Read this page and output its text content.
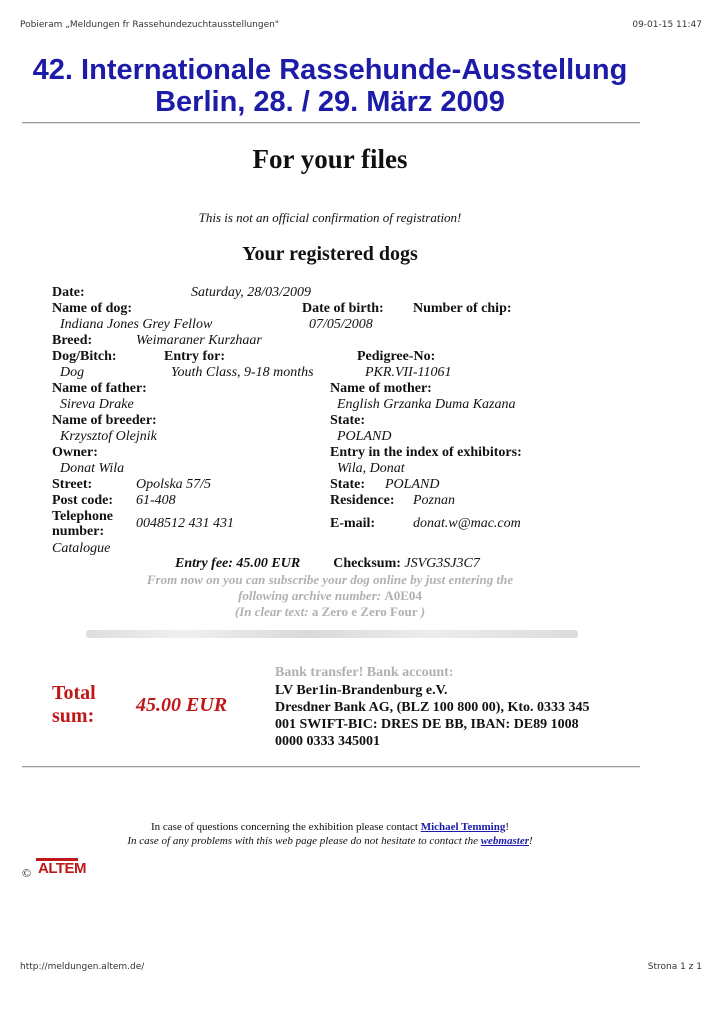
Pobieram „Meldungen fr Rassehundezuchtausstellungen"	09-01-15 11:47
42. Internationale Rassehunde-Ausstellung
Berlin, 28. / 29. März 2009
For your files
This is not an official confirmation of registration!
Your registered dogs
Date:	Saturday, 28/03/2009
Name of dog:	Date of birth: Number of chip:
Indiana Jones Grey Fellow	07/05/2008
Breed:	Weimaraner Kurzhaar
Dog/Bitch:	Entry for:	Pedigree-No:
Dog	Youth Class, 9-18 months	PKR.VII-11061
Name of father:	Name of mother:
Sireva Drake	English Grzanka Duma Kazana
Name of breeder:	State:
Krzysztof Olejnik	POLAND
Owner:	Entry in the index of exhibitors:
Donat Wila	Wila, Donat
Street:	Opolska 57/5	State: POLAND
Post code: 61-408	Residence: Poznan
Telephone
number:
0048512 431 431	E-mail:	donat.w@mac.com
Catalogue
Entry fee: 45.00 EUR Checksum: JSVG3SJ3C7
From now on you can subscribe your dog online by just entering the
following archive number: A0E04
(In clear text: a Zero e Zero Four )
Total
sum: 45.00 EUR
Bank transfer! Bank account:
LV Ber1in-Brandenburg e.V.
Dresdner Bank AG, (BLZ 100 800 00), Kto. 0333 345
001 SWIFT-BIC: DRES DE BB, IBAN: DE89 1008
0000 0333 345001
In case of questions concerning the exhibition please contact Michael Temming!
In case of any problems with this web page please do not hesitate to contact the webmaster!
© ALTEM
http://meldungen.altem.de/	Strona 1 z 1
